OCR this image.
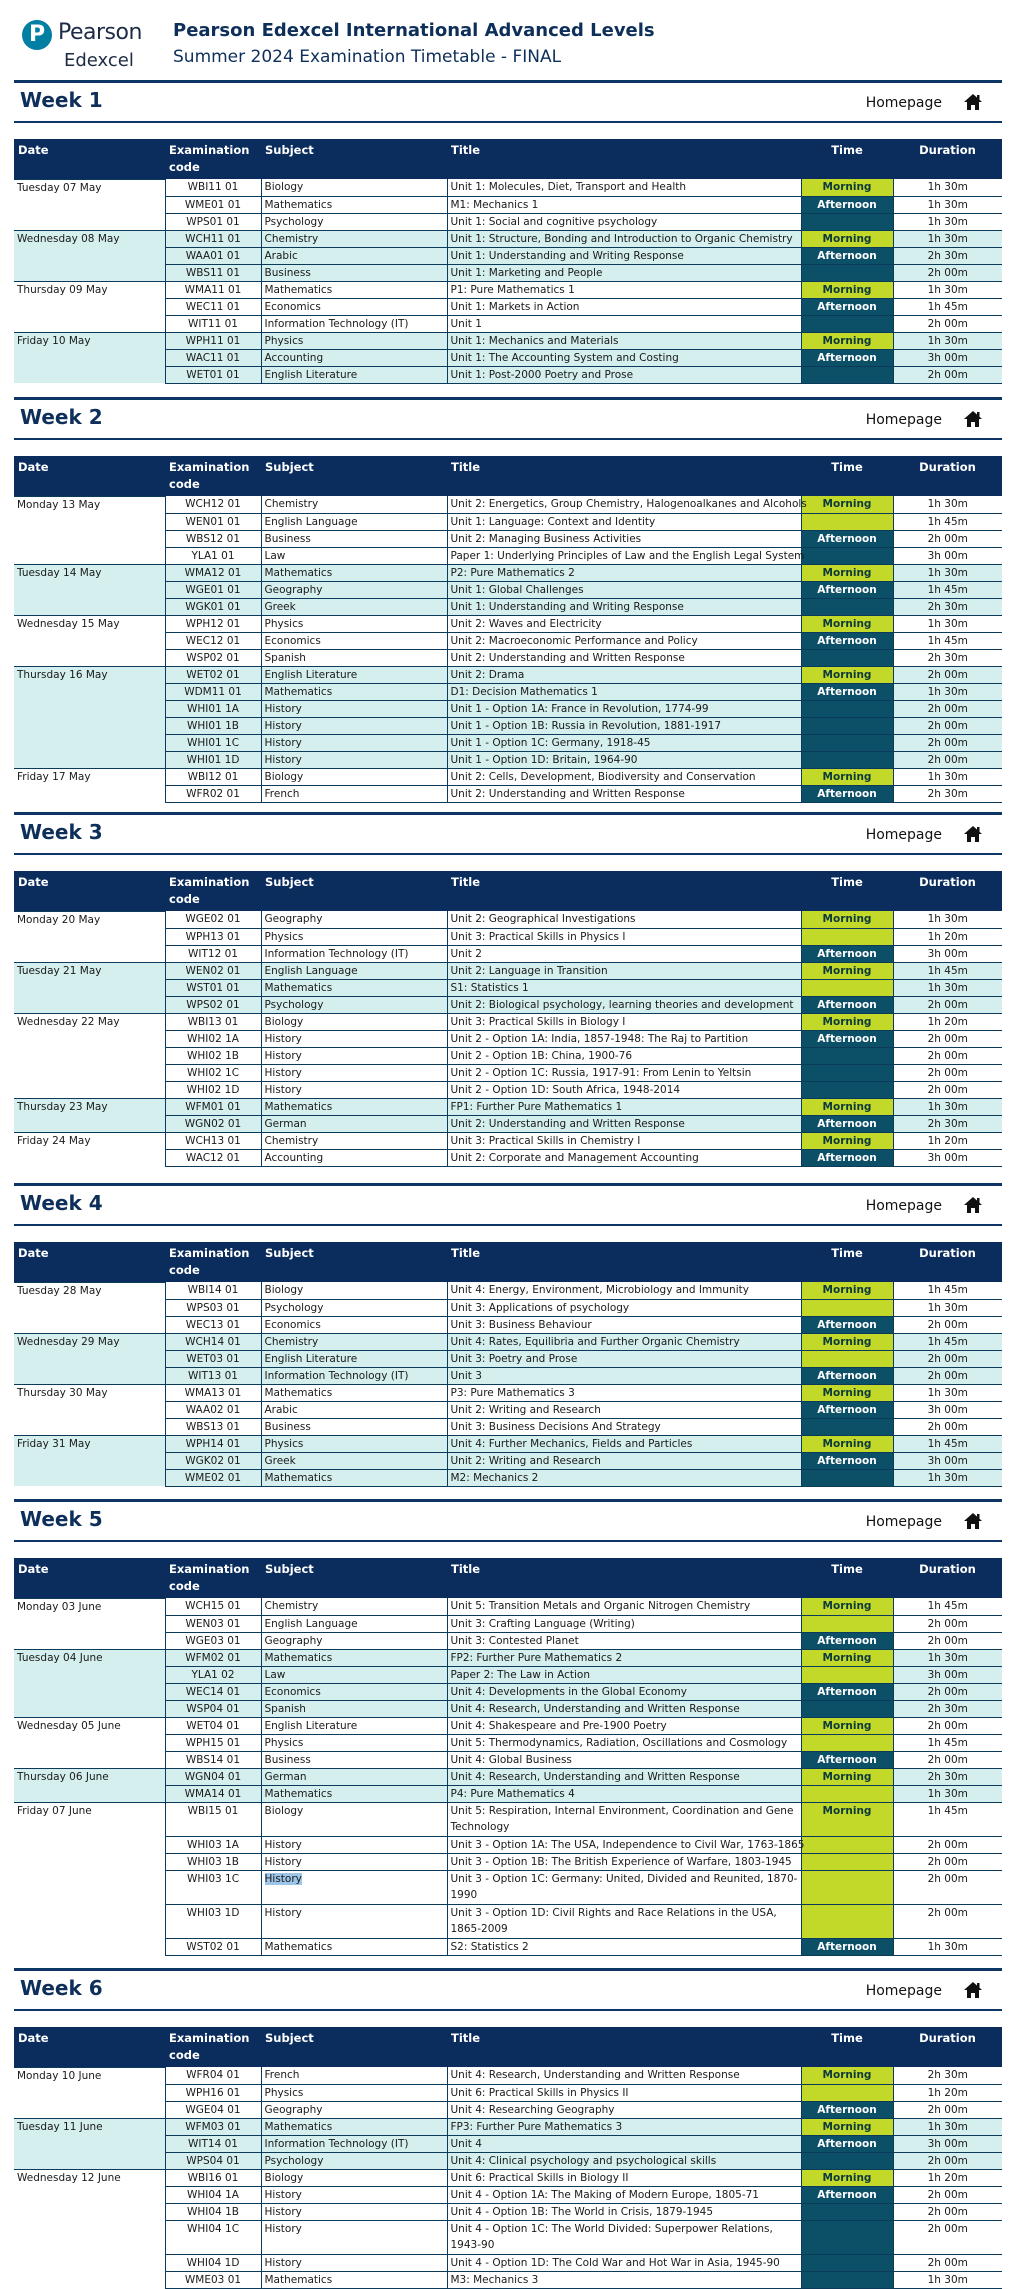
P Pearson
Edexcel
Pearson Edexcel International Advanced Levels
Summer 2024 Examination Timetable - FINAL
Week 1	Homepage
Date	Examination code	Subject	Title	Time	Duration
Tuesday 07 May	WBI11 01	Biology	Unit 1: Molecules, Diet, Transport and Health	Morning	1h 30m
	WME01 01	Mathematics	M1: Mechanics 1	Afternoon	1h 30m
	WPS01 01	Psychology	Unit 1: Social and cognitive psychology		1h 30m
Wednesday 08 May	WCH11 01	Chemistry	Unit 1: Structure, Bonding and Introduction to Organic Chemistry	Morning	1h 30m
	WAA01 01	Arabic	Unit 1: Understanding and Writing Response	Afternoon	2h 30m
	WBS11 01	Business	Unit 1: Marketing and People		2h 00m
Thursday 09 May	WMA11 01	Mathematics	P1: Pure Mathematics 1	Morning	1h 30m
	WEC11 01	Economics	Unit 1: Markets in Action	Afternoon	1h 45m
	WIT11 01	Information Technology (IT)	Unit 1		2h 00m
Friday 10 May	WPH11 01	Physics	Unit 1: Mechanics and Materials	Morning	1h 30m
	WAC11 01	Accounting	Unit 1: The Accounting System and Costing	Afternoon	3h 00m
	WET01 01	English Literature	Unit 1: Post-2000 Poetry and Prose		2h 00m
Week 2	Homepage
Date	Examination code	Subject	Title	Time	Duration
Monday 13 May	WCH12 01	Chemistry	Unit 2: Energetics, Group Chemistry, Halogenoalkanes and Alcohols	Morning	1h 30m
	WEN01 01	English Language	Unit 1: Language: Context and Identity		1h 45m
	WBS12 01	Business	Unit 2: Managing Business Activities	Afternoon	2h 00m
	YLA1 01	Law	Paper 1: Underlying Principles of Law and the English Legal System		3h 00m
Tuesday 14 May	WMA12 01	Mathematics	P2: Pure Mathematics 2	Morning	1h 30m
	WGE01 01	Geography	Unit 1: Global Challenges	Afternoon	1h 45m
	WGK01 01	Greek	Unit 1: Understanding and Writing Response		2h 30m
Wednesday 15 May	WPH12 01	Physics	Unit 2: Waves and Electricity	Morning	1h 30m
	WEC12 01	Economics	Unit 2: Macroeconomic Performance and Policy	Afternoon	1h 45m
	WSP02 01	Spanish	Unit 2: Understanding and Written Response		2h 30m
Thursday 16 May	WET02 01	English Literature	Unit 2: Drama	Morning	2h 00m
	WDM11 01	Mathematics	D1: Decision Mathematics 1	Afternoon	1h 30m
	WHI01 1A	History	Unit 1 - Option 1A: France in Revolution, 1774-99		2h 00m
	WHI01 1B	History	Unit 1 - Option 1B: Russia in Revolution, 1881-1917		2h 00m
	WHI01 1C	History	Unit 1 - Option 1C: Germany, 1918-45		2h 00m
	WHI01 1D	History	Unit 1 - Option 1D: Britain, 1964-90		2h 00m
Friday 17 May	WBI12 01	Biology	Unit 2: Cells, Development, Biodiversity and Conservation	Morning	1h 30m
	WFR02 01	French	Unit 2: Understanding and Written Response	Afternoon	2h 30m
Week 3	Homepage
Date	Examination code	Subject	Title	Time	Duration
Monday 20 May	WGE02 01	Geography	Unit 2: Geographical Investigations	Morning	1h 30m
	WPH13 01	Physics	Unit 3: Practical Skills in Physics I		1h 20m
	WIT12 01	Information Technology (IT)	Unit 2	Afternoon	3h 00m
Tuesday 21 May	WEN02 01	English Language	Unit 2: Language in Transition	Morning	1h 45m
	WST01 01	Mathematics	S1: Statistics 1		1h 30m
	WPS02 01	Psychology	Unit 2: Biological psychology, learning theories and development	Afternoon	2h 00m
Wednesday 22 May	WBI13 01	Biology	Unit 3: Practical Skills in Biology I	Morning	1h 20m
	WHI02 1A	History	Unit 2 - Option 1A: India, 1857-1948: The Raj to Partition	Afternoon	2h 00m
	WHI02 1B	History	Unit 2 - Option 1B: China, 1900-76		2h 00m
	WHI02 1C	History	Unit 2 - Option 1C: Russia, 1917-91: From Lenin to Yeltsin		2h 00m
	WHI02 1D	History	Unit 2 - Option 1D: South Africa, 1948-2014		2h 00m
Thursday 23 May	WFM01 01	Mathematics	FP1: Further Pure Mathematics 1	Morning	1h 30m
	WGN02 01	German	Unit 2: Understanding and Written Response	Afternoon	2h 30m
Friday 24 May	WCH13 01	Chemistry	Unit 3: Practical Skills in Chemistry I	Morning	1h 20m
	WAC12 01	Accounting	Unit 2: Corporate and Management Accounting	Afternoon	3h 00m
Week 4	Homepage
Date	Examination code	Subject	Title	Time	Duration
Tuesday 28 May	WBI14 01	Biology	Unit 4: Energy, Environment, Microbiology and Immunity	Morning	1h 45m
	WPS03 01	Psychology	Unit 3: Applications of psychology		1h 30m
	WEC13 01	Economics	Unit 3: Business Behaviour	Afternoon	2h 00m
Wednesday 29 May	WCH14 01	Chemistry	Unit 4: Rates, Equilibria and Further Organic Chemistry	Morning	1h 45m
	WET03 01	English Literature	Unit 3: Poetry and Prose		2h 00m
	WIT13 01	Information Technology (IT)	Unit 3	Afternoon	2h 00m
Thursday 30 May	WMA13 01	Mathematics	P3: Pure Mathematics 3	Morning	1h 30m
	WAA02 01	Arabic	Unit 2: Writing and Research	Afternoon	3h 00m
	WBS13 01	Business	Unit 3: Business Decisions And Strategy		2h 00m
Friday 31 May	WPH14 01	Physics	Unit 4: Further Mechanics, Fields and Particles	Morning	1h 45m
	WGK02 01	Greek	Unit 2: Writing and Research	Afternoon	3h 00m
	WME02 01	Mathematics	M2: Mechanics 2		1h 30m
Week 5	Homepage
Date	Examination code	Subject	Title	Time	Duration
Monday 03 June	WCH15 01	Chemistry	Unit 5: Transition Metals and Organic Nitrogen Chemistry	Morning	1h 45m
	WEN03 01	English Language	Unit 3: Crafting Language (Writing)		2h 00m
	WGE03 01	Geography	Unit 3: Contested Planet	Afternoon	2h 00m
Tuesday 04 June	WFM02 01	Mathematics	FP2: Further Pure Mathematics 2	Morning	1h 30m
	YLA1 02	Law	Paper 2: The Law in Action		3h 00m
	WEC14 01	Economics	Unit 4: Developments in the Global Economy	Afternoon	2h 00m
	WSP04 01	Spanish	Unit 4: Research, Understanding and Written Response		2h 30m
Wednesday 05 June	WET04 01	English Literature	Unit 4: Shakespeare and Pre-1900 Poetry	Morning	2h 00m
	WPH15 01	Physics	Unit 5: Thermodynamics, Radiation, Oscillations and Cosmology		1h 45m
	WBS14 01	Business	Unit 4: Global Business	Afternoon	2h 00m
Thursday 06 June	WGN04 01	German	Unit 4: Research, Understanding and Written Response	Morning	2h 30m
	WMA14 01	Mathematics	P4: Pure Mathematics 4		1h 30m
Friday 07 June	WBI15 01	Biology	Unit 5: Respiration, Internal Environment, Coordination and Gene Technology	Morning	1h 45m
	WHI03 1A	History	Unit 3 - Option 1A: The USA, Independence to Civil War, 1763-1865		2h 00m
	WHI03 1B	History	Unit 3 - Option 1B: The British Experience of Warfare, 1803-1945		2h 00m
	WHI03 1C	History	Unit 3 - Option 1C: Germany: United, Divided and Reunited, 1870-1990		2h 00m
	WHI03 1D	History	Unit 3 - Option 1D: Civil Rights and Race Relations in the USA, 1865-2009		2h 00m
	WST02 01	Mathematics	S2: Statistics 2	Afternoon	1h 30m
Week 6	Homepage
Date	Examination code	Subject	Title	Time	Duration
Monday 10 June	WFR04 01	French	Unit 4: Research, Understanding and Written Response	Morning	2h 30m
	WPH16 01	Physics	Unit 6: Practical Skills in Physics II		1h 20m
	WGE04 01	Geography	Unit 4: Researching Geography	Afternoon	2h 00m
Tuesday 11 June	WFM03 01	Mathematics	FP3: Further Pure Mathematics 3	Morning	1h 30m
	WIT14 01	Information Technology (IT)	Unit 4	Afternoon	3h 00m
	WPS04 01	Psychology	Unit 4: Clinical psychology and psychological skills		2h 00m
Wednesday 12 June	WBI16 01	Biology	Unit 6: Practical Skills in Biology II	Morning	1h 20m
	WHI04 1A	History	Unit 4 - Option 1A: The Making of Modern Europe, 1805-71	Afternoon	2h 00m
	WHI04 1B	History	Unit 4 - Option 1B: The World in Crisis, 1879-1945		2h 00m
	WHI04 1C	History	Unit 4 - Option 1C: The World Divided: Superpower Relations, 1943-90		2h 00m
	WHI04 1D	History	Unit 4 - Option 1D: The Cold War and Hot War in Asia, 1945-90		2h 00m
	WME03 01	Mathematics	M3: Mechanics 3		1h 30m
